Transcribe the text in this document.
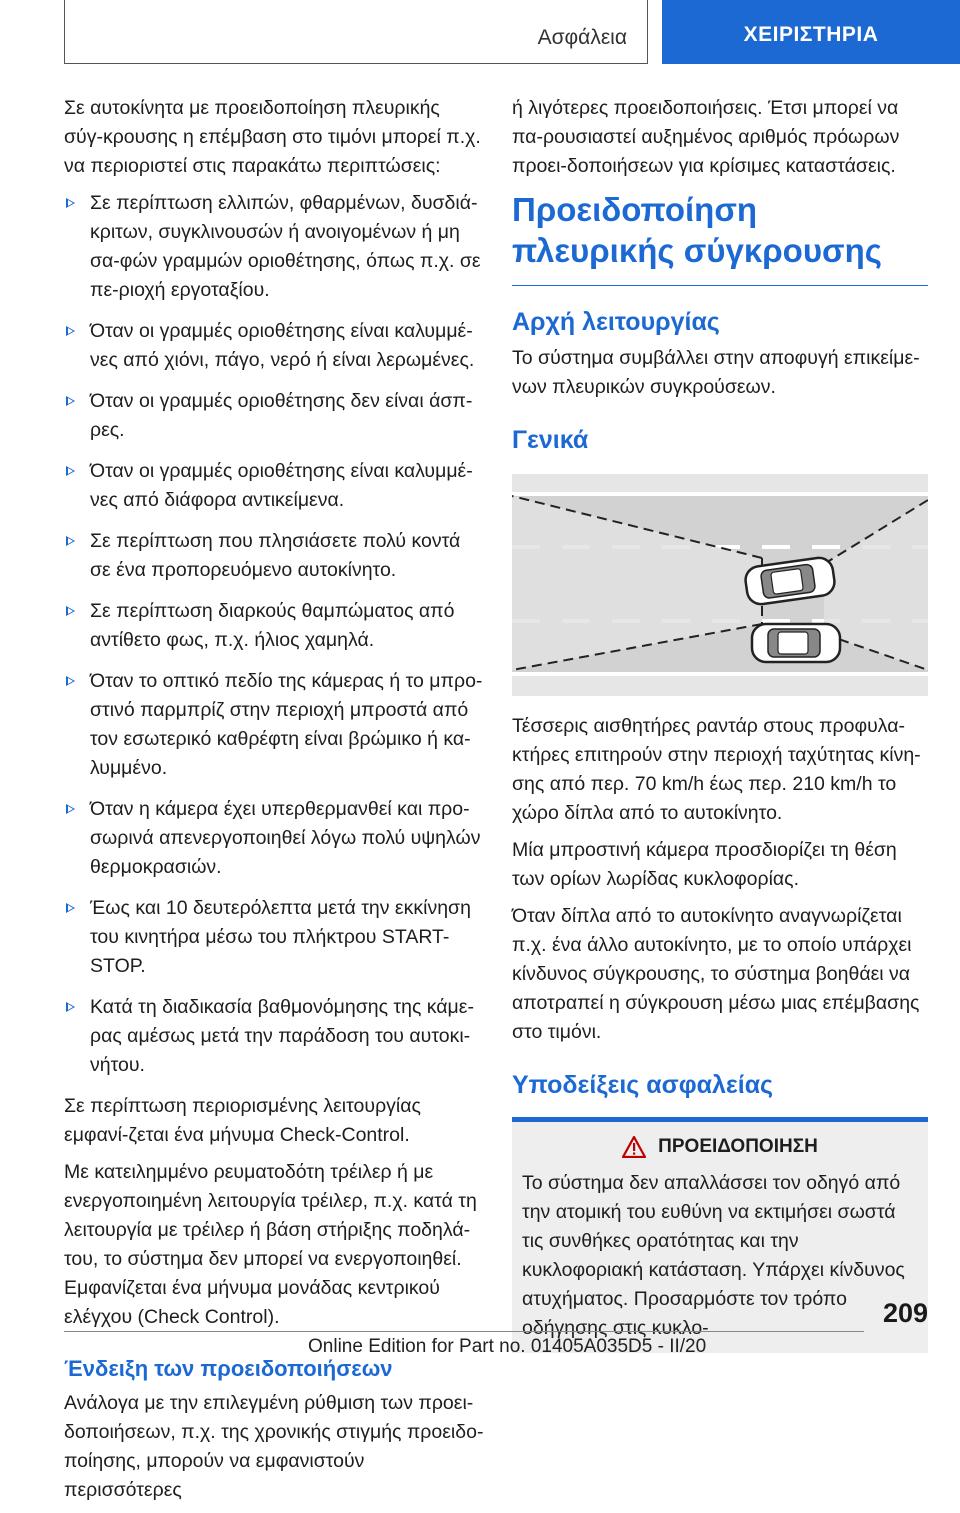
Ασφάλεια	ΧΕΙΡΙΣΤΗΡΙΑ

Σε αυτοκίνητα με προειδοποίηση πλευρικής σύγ-κρουσης η επέμβαση στο τιμόνι μπορεί π.χ. να περιοριστεί στις παρακάτω περιπτώσεις:

Σε περίπτωση ελλιπών, φθαρμένων, δυσδιά-κριτων, συγκλινουσών ή ανοιγομένων ή μη σα-φών γραμμών οριοθέτησης, όπως π.χ. σε πε-ριοχή εργοταξίου.
Όταν οι γραμμές οριοθέτησης είναι καλυμμέ-νες από χιόνι, πάγο, νερό ή είναι λερωμένες.
Όταν οι γραμμές οριοθέτησης δεν είναι άσπ-ρες.
Όταν οι γραμμές οριοθέτησης είναι καλυμμέ-νες από διάφορα αντικείμενα.
Σε περίπτωση που πλησιάσετε πολύ κοντά σε ένα προπορευόμενο αυτοκίνητο.
Σε περίπτωση διαρκούς θαμπώματος από αντίθετο φως, π.χ. ήλιος χαμηλά.
Όταν το οπτικό πεδίο της κάμερας ή το μπρο-στινό παρμπρίζ στην περιοχή μπροστά από τον εσωτερικό καθρέφτη είναι βρώμικο ή κα-λυμμένο.
Όταν η κάμερα έχει υπερθερμανθεί και προ-σωρινά απενεργοποιηθεί λόγω πολύ υψηλών θερμοκρασιών.
Έως και 10 δευτερόλεπτα μετά την εκκίνηση του κινητήρα μέσω του πλήκτρου START-STOP.
Κατά τη διαδικασία βαθμονόμησης της κάμε-ρας αμέσως μετά την παράδοση του αυτοκι-νήτου.

Σε περίπτωση περιορισμένης λειτουργίας εμφανί-ζεται ένα μήνυμα Check-Control.

Με κατειλημμένο ρευματοδότη τρέιλερ ή με ενεργοποιημένη λειτουργία τρέιλερ, π.χ. κατά τη λειτουργία με τρέιλερ ή βάση στήριξης ποδηλά-του, το σύστημα δεν μπορεί να ενεργοποιηθεί. Εμφανίζεται ένα μήνυμα μονάδας κεντρικού ελέγχου (Check Control).

Ένδειξη των προειδοποιήσεων

Ανάλογα με την επιλεγμένη ρύθμιση των προει-δοποιήσεων, π.χ. της χρονικής στιγμής προειδο-ποίησης, μπορούν να εμφανιστούν περισσότερες

ή λιγότερες προειδοποιήσεις. Έτσι μπορεί να πα-ρουσιαστεί αυξημένος αριθμός πρόωρων προει-δοποιήσεων για κρίσιμες καταστάσεις.

Προειδοποίηση πλευρικής σύγκρουσης
Αρχή λειτουργίας

Το σύστημα συμβάλλει στην αποφυγή επικείμε-νων πλευρικών συγκρούσεων.

Γενικά

Τέσσερις αισθητήρες ραντάρ στους προφυλα-κτήρες επιτηρούν στην περιοχή ταχύτητας κίνη-σης από περ. 70 km/h έως περ. 210 km/h το χώρο δίπλα από το αυτοκίνητο.

Μία μπροστινή κάμερα προσδιορίζει τη θέση των ορίων λωρίδας κυκλοφορίας.

Όταν δίπλα από το αυτοκίνητο αναγνωρίζεται π.χ. ένα άλλο αυτοκίνητο, με το οποίο υπάρχει κίνδυνος σύγκρουσης, το σύστημα βοηθάει να αποτραπεί η σύγκρουση μέσω μιας επέμβασης στο τιμόνι.

Υποδείξεις ασφαλείας
ΠΡΟΕΙΔΟΠΟΙΗΣΗ

Το σύστημα δεν απαλλάσσει τον οδηγό από την ατομική του ευθύνη να εκτιμήσει σωστά τις συνθήκες ορατότητας και την κυκλοφοριακή κατάσταση. Υπάρχει κίνδυνος ατυχήματος. Προσαρμόστε τον τρόπο οδήγησης στις κυκλο-	209
Online Edition for Part no. 01405A035D5 - II/20
